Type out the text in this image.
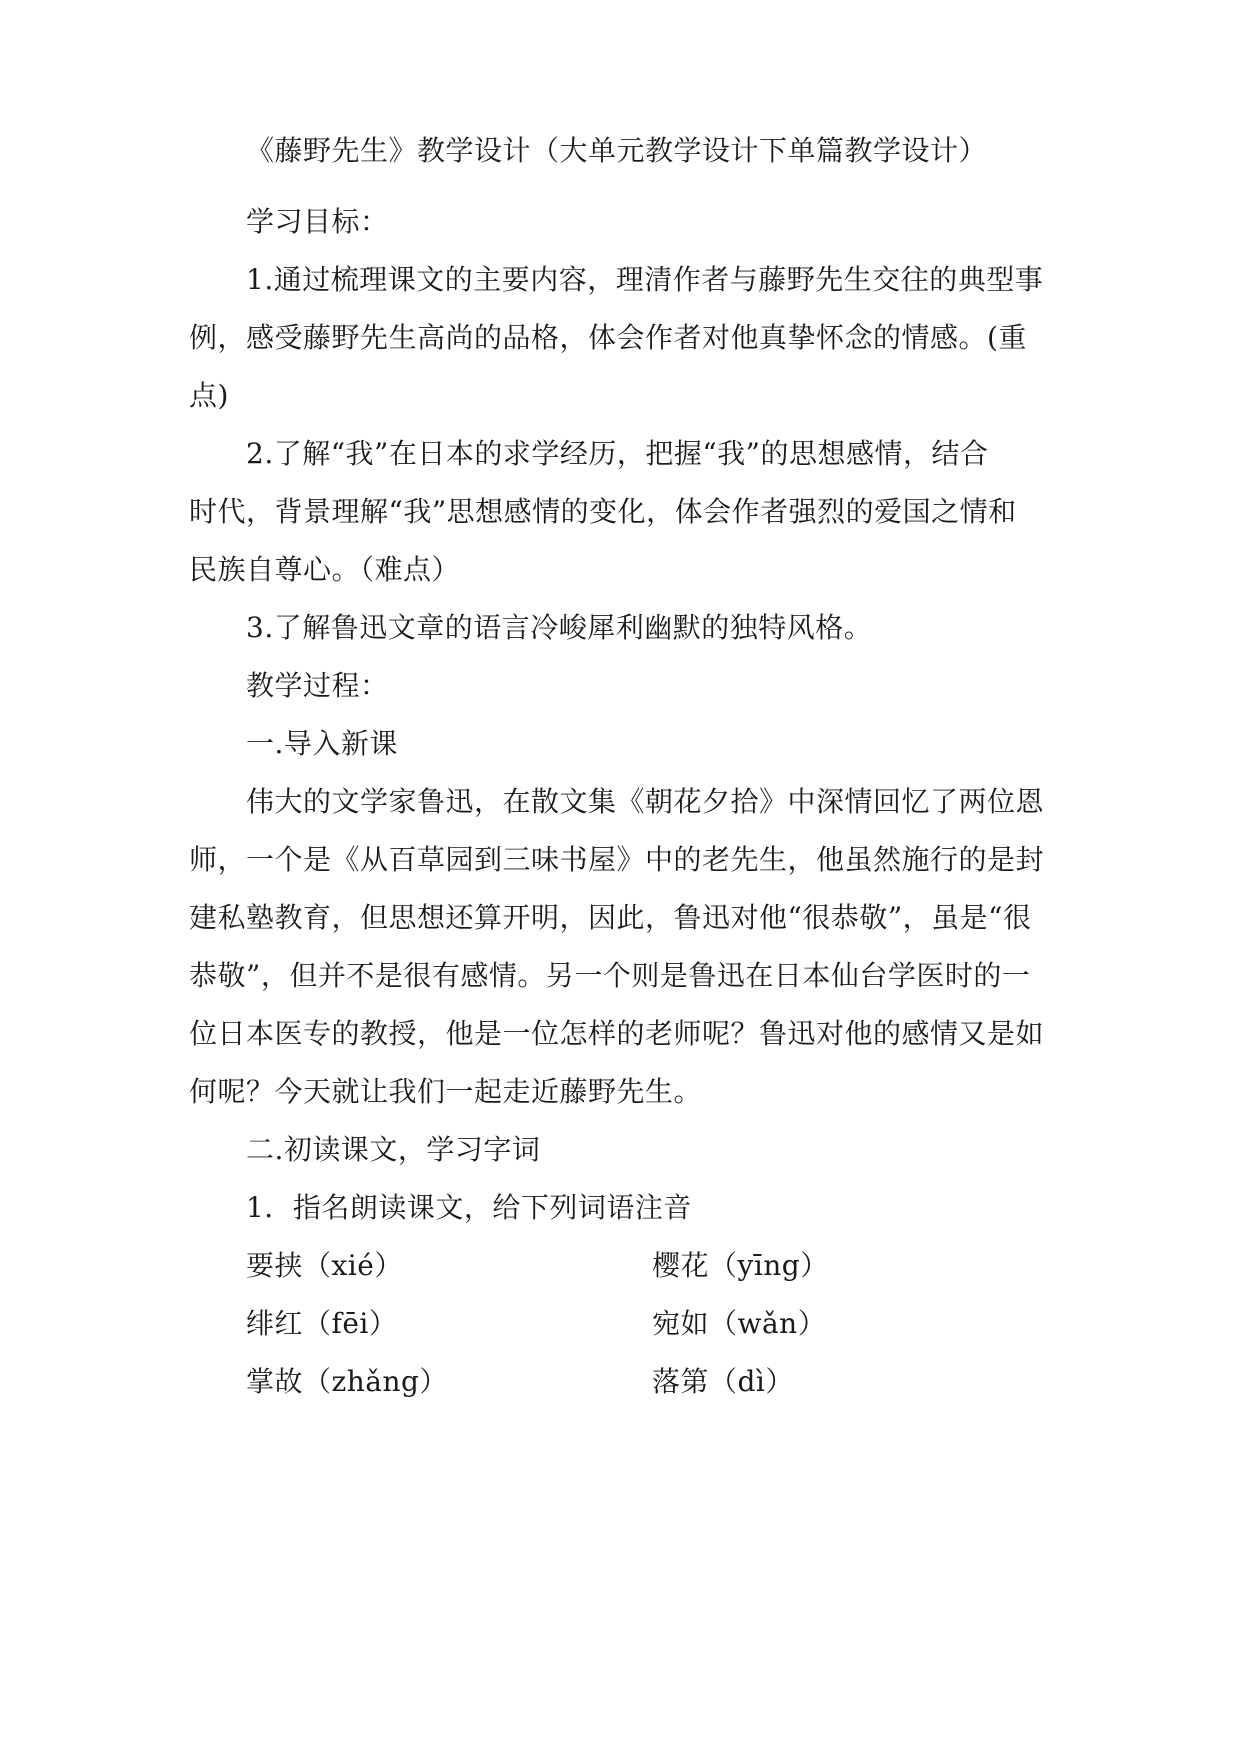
《藤野先生》教学设计（大单元教学设计下单篇教学设计）
学习目标：
1.通过梳理课文的主要内容，理清作者与藤野先生交往的典型事
例，感受藤野先生高尚的品格，体会作者对他真挚怀念的情感。(重
点)
2.了解“我”在日本的求学经历，把握“我”的思想感情，结合
时代，背景理解“我”思想感情的变化，体会作者强烈的爱国之情和
民族自尊心。（难点）
3.了解鲁迅文章的语言冷峻犀利幽默的独特风格。
教学过程：
一.导入新课
伟大的文学家鲁迅，在散文集《朝花夕拾》中深情回忆了两位恩
师，一个是《从百草园到三味书屋》中的老先生，他虽然施行的是封
建私塾教育，但思想还算开明，因此，鲁迅对他“很恭敬”，虽是“很
恭敬”，但并不是很有感情。另一个则是鲁迅在日本仙台学医时的一
位日本医专的教授，他是一位怎样的老师呢？鲁迅对他的感情又是如
何呢？今天就让我们一起走近藤野先生。
二.初读课文，学习字词
1．指名朗读课文，给下列词语注音
要挟（xié）	樱花（yīng）
绯红（fēi）	宛如（wǎn）
掌故（zhǎng）	落第（dì）
